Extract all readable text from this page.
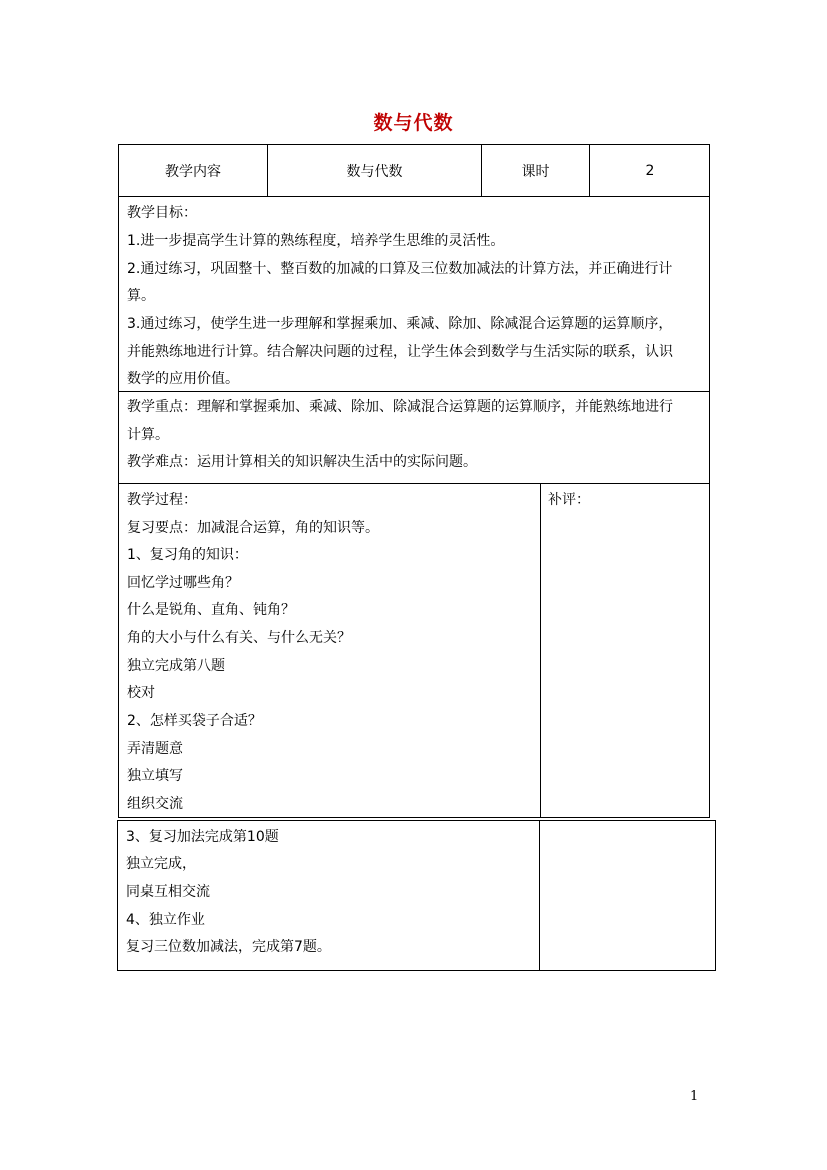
数与代数
教学内容	数与代数	课时	2
教学目标：
1.进一步提高学生计算的熟练程度，培养学生思维的灵活性。
2.通过练习，巩固整十、整百数的加减的口算及三位数加减法的计算方法，并正确进行计
算。
3.通过练习，使学生进一步理解和掌握乘加、乘减、除加、除减混合运算题的运算顺序，
并能熟练地进行计算。结合解决问题的过程，让学生体会到数学与生活实际的联系，认识
数学的应用价值。
教学重点：理解和掌握乘加、乘减、除加、除减混合运算题的运算顺序，并能熟练地进行
计算。
教学难点：运用计算相关的知识解决生活中的实际问题。
教学过程：
复习要点：加减混合运算，角的知识等。
1、复习角的知识：
回忆学过哪些角？
什么是锐角、直角、钝角？
角的大小与什么有关、与什么无关？
独立完成第八题
校对
2、怎样买袋子合适？
弄清题意
独立填写
组织交流
补评：
3、复习加法完成第10题
独立完成，
同桌互相交流
4、独立作业
复习三位数加减法，完成第7题。
1
